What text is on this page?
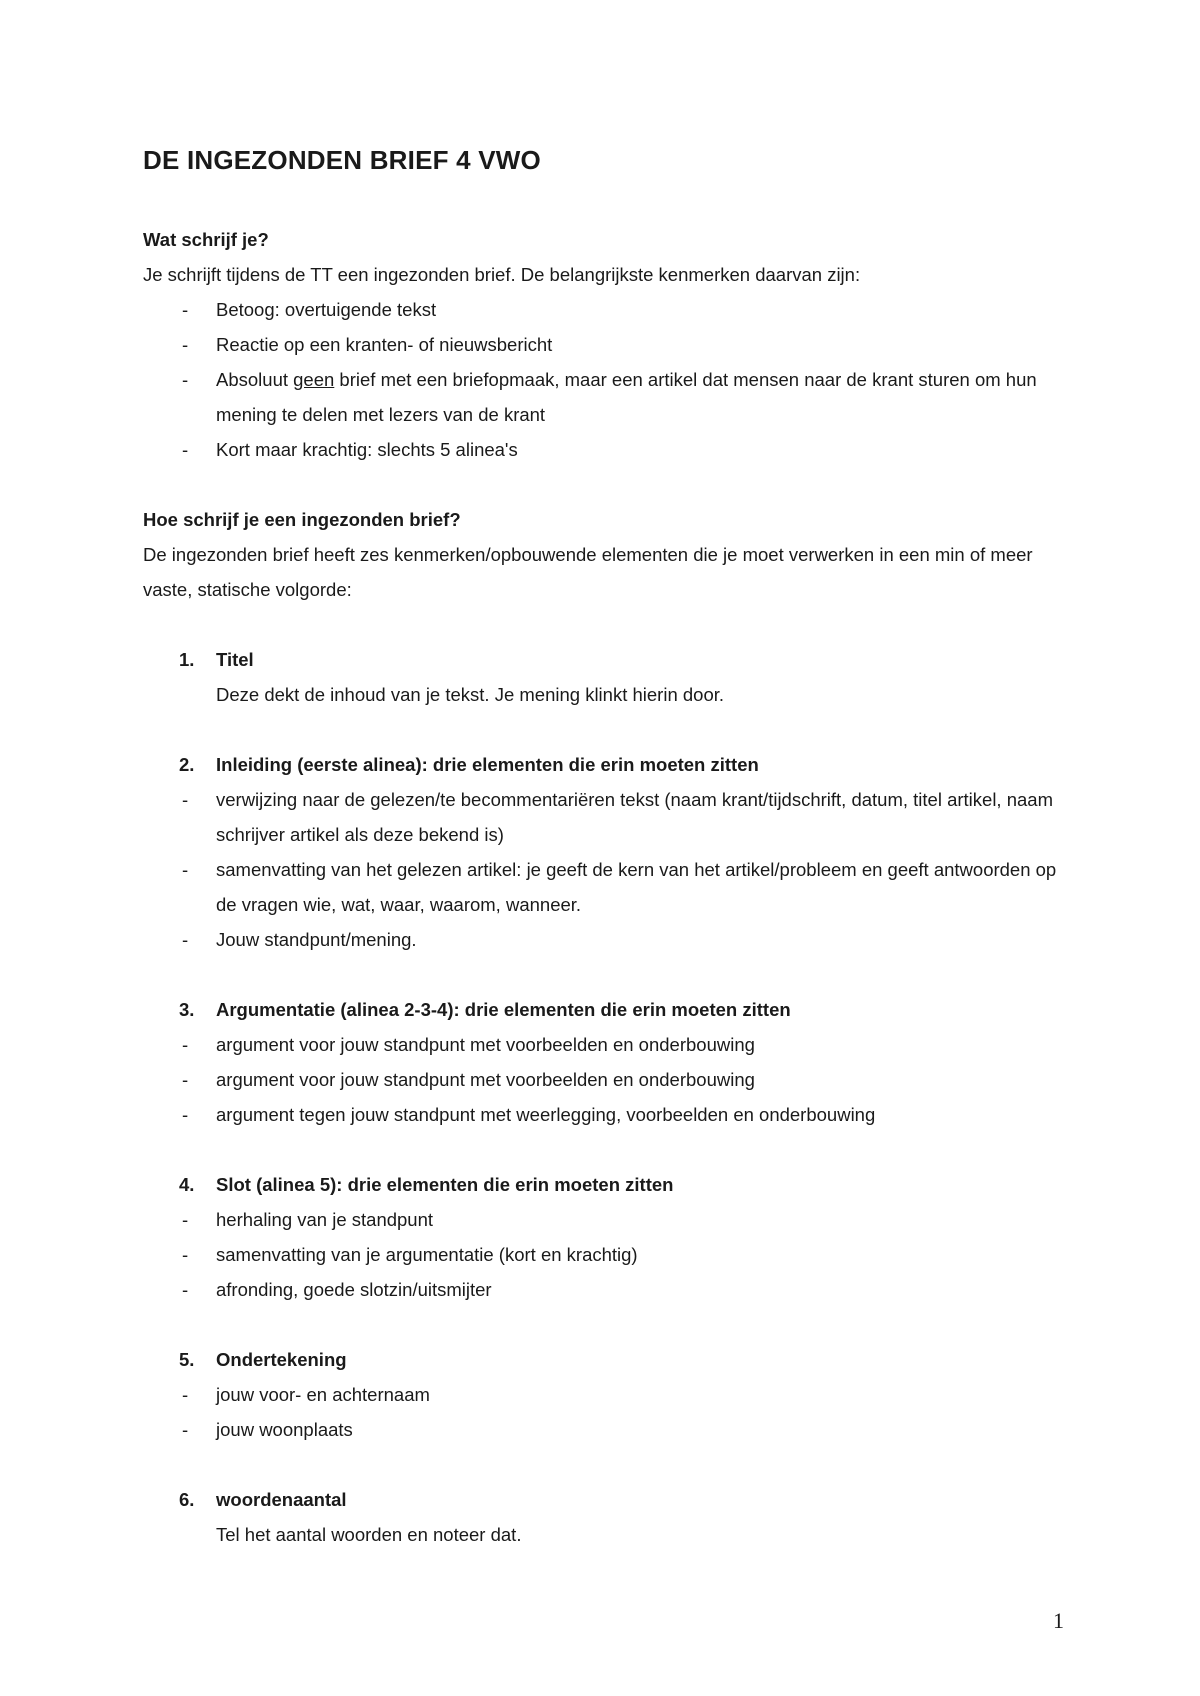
DE INGEZONDEN BRIEF 4 VWO
Wat schrijf je?
Je schrijft tijdens de TT een ingezonden brief. De belangrijkste kenmerken daarvan zijn:
- Betoog: overtuigende tekst
- Reactie op een kranten- of nieuwsbericht
- Absoluut geen brief met een briefopmaak, maar een artikel dat mensen naar de krant sturen om hun mening te delen met lezers van de krant
- Kort maar krachtig: slechts 5 alinea's
Hoe schrijf je een ingezonden brief?
De ingezonden brief heeft zes kenmerken/opbouwende elementen die je moet verwerken in een min of meer vaste, statische volgorde:
1. Titel
Deze dekt de inhoud van je tekst. Je mening klinkt hierin door.
2. Inleiding (eerste alinea): drie elementen die erin moeten zitten
- verwijzing naar de gelezen/te becommentariëren tekst (naam krant/tijdschrift, datum, titel artikel, naam schrijver artikel als deze bekend is)
- samenvatting van het gelezen artikel: je geeft de kern van het artikel/probleem en geeft antwoorden op de vragen wie, wat, waar, waarom, wanneer.
- Jouw standpunt/mening.
3. Argumentatie (alinea 2-3-4): drie elementen die erin moeten zitten
- argument voor jouw standpunt met voorbeelden en onderbouwing
- argument voor jouw standpunt met voorbeelden en onderbouwing
- argument tegen jouw standpunt met weerlegging, voorbeelden en onderbouwing
4. Slot (alinea 5): drie elementen die erin moeten zitten
- herhaling van je standpunt
- samenvatting van je argumentatie (kort en krachtig)
- afronding, goede slotzin/uitsmijter
5. Ondertekening
- jouw voor- en achternaam
- jouw woonplaats
6. woordenaantal
Tel het aantal woorden en noteer dat.
1
